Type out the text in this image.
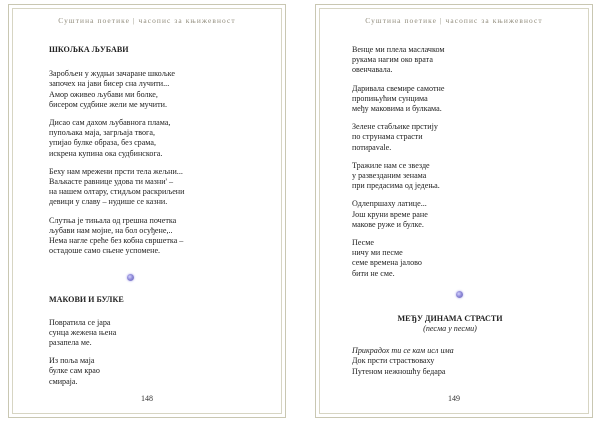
Суштина поетике | часопис за књижевност
ШКОЉКА ЉУБАВИ

Заробљен у жудњи зачаране шкољке
започех на јави бисер сна лучити...
Амор оживео љубави ми болке,
бисером судбине жели ме мучити.

Дисао сам дахом љубавнога плама,
пупољака маја, загрљаја твога,
упијао булке образа, без срама,
искрена купина ока судбинскога.

Беху нам мрежени прсти тела жељни...
Ваљкасте равнице удова ти мазни' –
на нашем олтару, стидљом раскриљени
девици у славу – нудише се казни.

Слутња је тињала од грешна почетка
љубави нам мојне, на бол осуђене,..
Нема нагле среће без кобна свршетка –
остадоше само сњене успомене.

МАКОВИ И БУЛКЕ

Повратила се јара
сунца жежена њена
разапела ме.

Из поља маја
булке сам крао
смираја.

148
Суштина поетике | часопис за књижевност

Венце ми плела маслачком
рукама нагим око врата
овенчавала.

Даривала свемире самотне
пропињућим сунцима
међу маковима и булкама.

Зелене стабљике прстију
по струнама страсти
потирavale.

Тражиле нам се звезде
у развезданим зенама
при предасима од једења.

Одлепршаху латице...
Још круни време ране
макове руже и булке.

Песме
ничу ми песме
семе времена јалово
бити не сме.

МЕЂУ ДИНАМА СТРАСТИ
(песма у песми)

Прикрадох ти се кам исл има
Док прсти страствоваху
Путеном нежношћу бедара

149
